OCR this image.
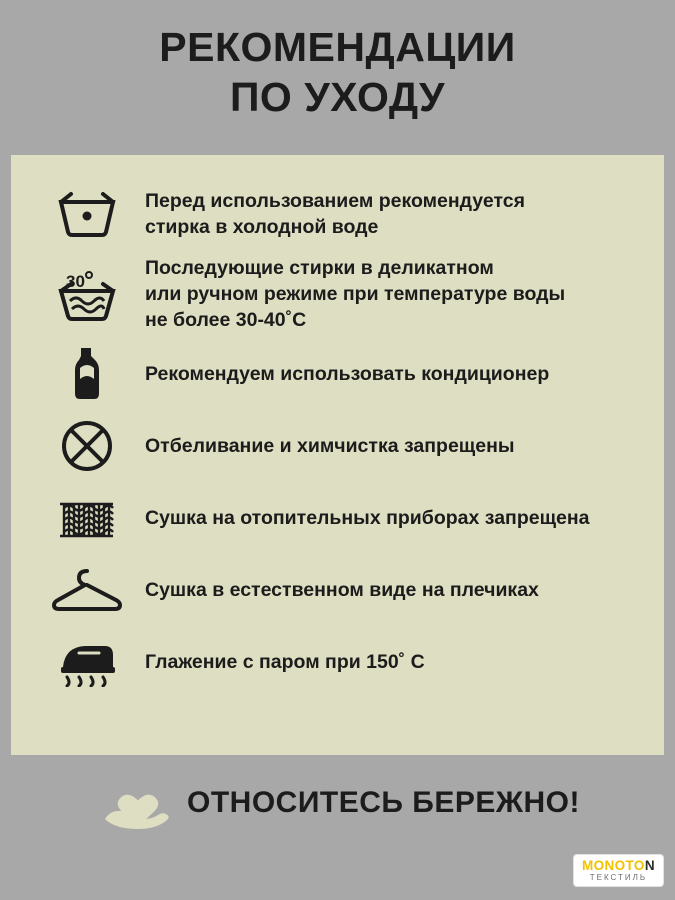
РЕКОМЕНДАЦИИ
ПО УХОДУ
Перед использованием рекомендуется
стирка в холодной воде
30
Последующие стирки в деликатном
или ручном режиме при температуре воды
не более 30-40˚С
Рекомендуем использовать кондиционер
Отбеливание и химчистка запрещены
Сушка на отопительных приборах запрещена
Сушка в естественном виде на плечиках
Глажение с паром при 150˚ С
ОТНОСИТЕСЬ БЕРЕЖНО!
MONOTON
ТЕКСТИЛЬ
